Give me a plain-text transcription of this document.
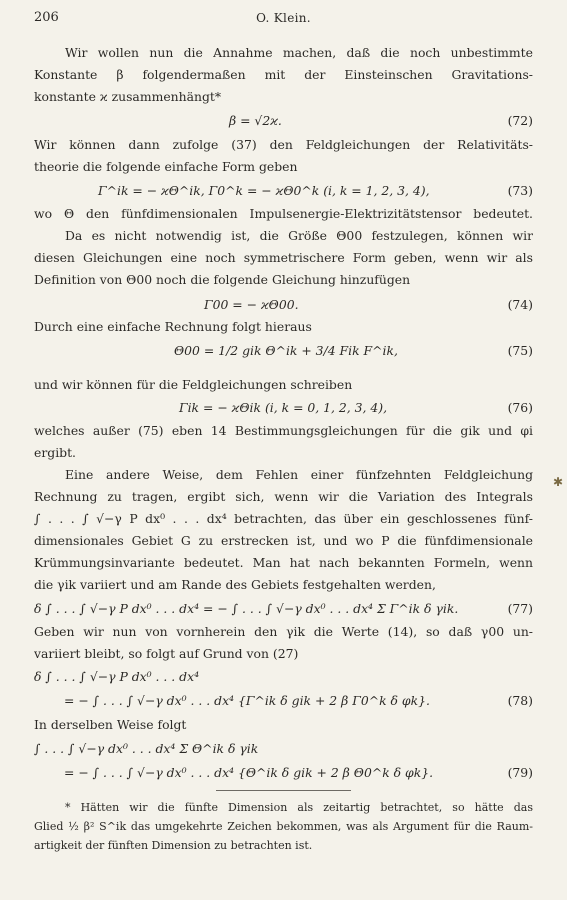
206	O. Klein.
Wir wollen nun die Annahme machen, daß die noch unbestimmte
Konstante β folgendermaßen mit der Einsteinschen Gravitations-
konstante ϰ zusammenhängt*
β = √2ϰ.	(72)
Wir können dann zufolge (37) den Feldgleichungen der Relativitäts-
theorie die folgende einfache Form geben
Γ^ik = − ϰΘ^ik, Γ0^k = − ϰΘ0^k (i, k = 1, 2, 3, 4),	(73)
wo Θ den fünfdimensionalen Impulsenergie-Elektrizitätstensor bedeutet.
Da es nicht notwendig ist, die Größe Θ00 festzulegen, können wir
diesen Gleichungen eine noch symmetrischere Form geben, wenn wir als
Definition von Θ00 noch die folgende Gleichung hinzufügen
Γ00 = − ϰΘ00.	(74)
Durch eine einfache Rechnung folgt hieraus
Θ00 = 1/2 gik Θ^ik + 3/4 Fik F^ik,	(75)
und wir können für die Feldgleichungen schreiben
Γik = − ϰΘik (i, k = 0, 1, 2, 3, 4),	(76)
welches außer (75) eben 14 Bestimmungsgleichungen für die gik und φi
ergibt.
Eine andere Weise, dem Fehlen einer fünfzehnten Feldgleichung
Rechnung zu tragen, ergibt sich, wenn wir die Variation des Integrals
∫ . . . ∫ √−γ P dx⁰ . . . dx⁴ betrachten, das über ein geschlossenes fünf-
dimensionales Gebiet G zu erstrecken ist, und wo P die fünfdimensionale
Krümmungsinvariante bedeutet. Man hat nach bekannten Formeln, wenn
die γik variiert und am Rande des Gebiets festgehalten werden,
δ ∫ . . . ∫ √−γ P dx⁰ . . . dx⁴ = − ∫ . . . ∫ √−γ dx⁰ . . . dx⁴ Σ Γ^ik δ γik.	(77)
Geben wir nun von vornherein den γik die Werte (14), so daß γ00 un-
variiert bleibt, so folgt auf Grund von (27)
δ ∫ . . . ∫ √−γ P dx⁰ . . . dx⁴
= − ∫ . . . ∫ √−γ dx⁰ . . . dx⁴ {Γ^ik δ gik + 2 β Γ0^k δ φk}.	(78)
In derselben Weise folgt
∫ . . . ∫ √−γ dx⁰ . . . dx⁴ Σ Θ^ik δ γik
= − ∫ . . . ∫ √−γ dx⁰ . . . dx⁴ {Θ^ik δ gik + 2 β Θ0^k δ φk}.	(79)
* Hätten wir die fünfte Dimension als zeitartig betrachtet, so hätte das
Glied ½ β² S^ik das umgekehrte Zeichen bekommen, was als Argument für die Raum-
artigkeit der fünften Dimension zu betrachten ist.
✱
